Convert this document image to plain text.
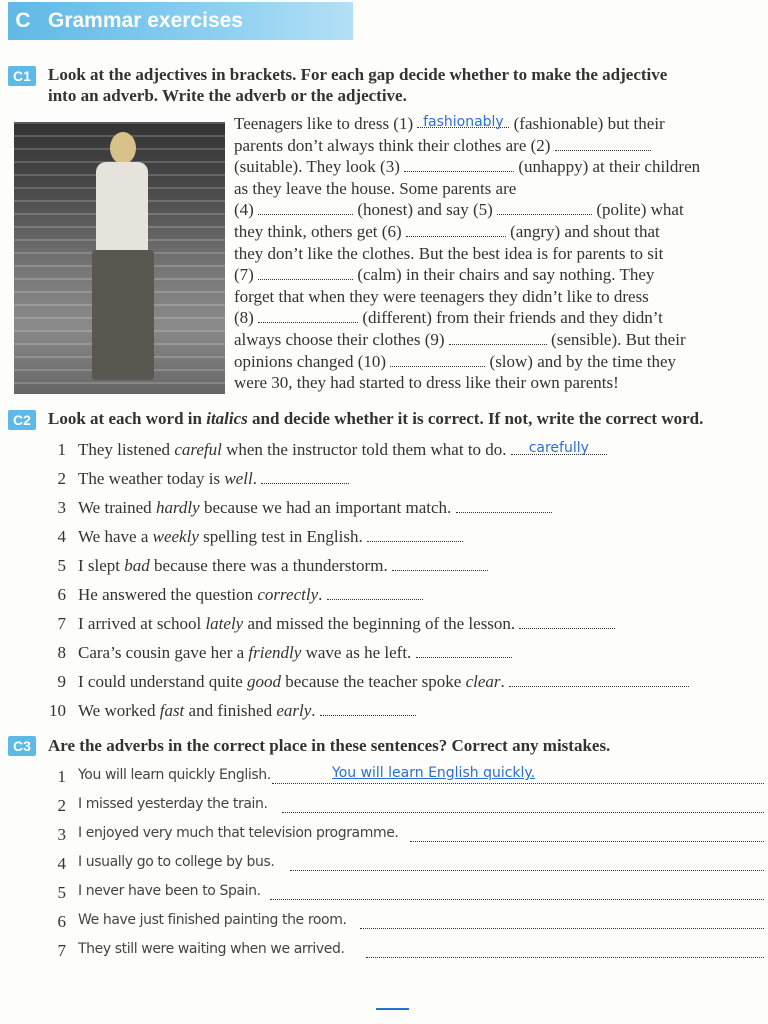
C Grammar exercises
C1 Look at the adjectives in brackets. For each gap decide whether to make the adjective
into an adverb. Write the adverb or the adjective.
Teenagers like to dress (1) fashionably (fashionable) but their
parents don’t always think their clothes are (2)
(suitable). They look (3)	(unhappy) at their children
as they leave the house. Some parents are
(4)	(honest) and say (5)	(polite) what
they think, others get (6)	(angry) and shout that
they don’t like the clothes. But the best idea is for parents to sit
(7)	(calm) in their chairs and say nothing. They
forget that when they were teenagers they didn’t like to dress
(8)	(different) from their friends and they didn’t
always choose their clothes (9)	(sensible). But their
opinions changed (10)	(slow) and by the time they
were 30, they had started to dress like their own parents!
C2 Look at each word in italics and decide whether it is correct. If not, write the correct word.
1 They listened careful when the instructor told them what to do. carefully
2 The weather today is well.
3 We trained hardly because we had an important match.
4 We have a weekly spelling test in English.
5 I slept bad because there was a thunderstorm.
6 He answered the question correctly.
7 I arrived at school lately and missed the beginning of the lesson.
8 Cara’s cousin gave her a friendly wave as he left.
9 I could understand quite good because the teacher spoke clear.
10 We worked fast and finished early.
C3 Are the adverbs in the correct place in these sentences? Correct any mistakes.
1 You will learn quickly English.	You will learn English quickly.
2 I missed yesterday the train.
3 I enjoyed very much that television programme.
4 I usually go to college by bus.
5 I never have been to Spain.
6 We have just finished painting the room.
7 They still were waiting when we arrived.
